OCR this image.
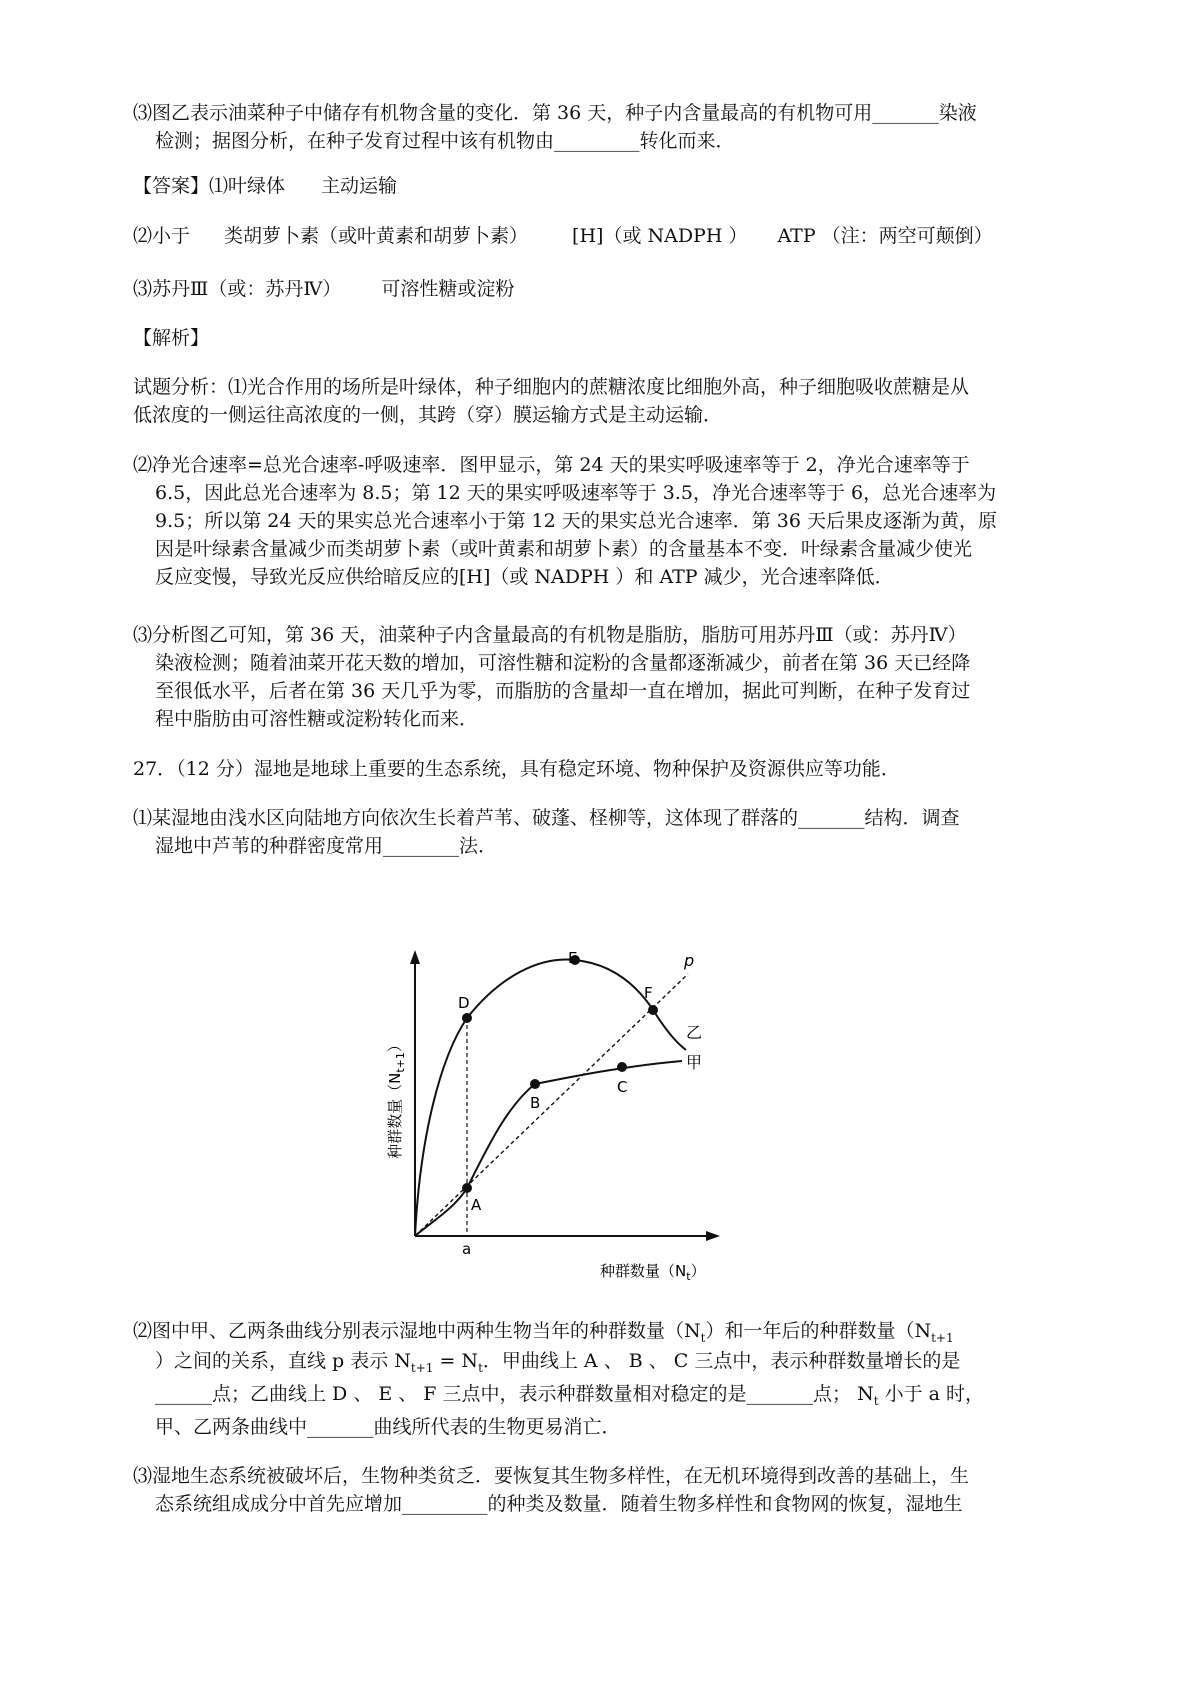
⑶图乙表示油菜种子中储存有机物含量的变化．第 36 天，种子内含量最高的有机物可用_______染液
检测；据图分析，在种子发育过程中该有机物由_________转化而来．
【答案】⑴叶绿体 主动运输
⑵小于 类胡萝卜素（或叶黄素和胡萝卜素） [H]（或 NADPH ） ATP （注：两空可颠倒）
⑶苏丹Ⅲ（或：苏丹Ⅳ） 可溶性糖或淀粉
【解析】
试题分析：⑴光合作用的场所是叶绿体，种子细胞内的蔗糖浓度比细胞外高，种子细胞吸收蔗糖是从
低浓度的一侧运往高浓度的一侧，其跨（穿）膜运输方式是主动运输．
⑵净光合速率=总光合速率-呼吸速率．图甲显示，第 24 天的果实呼吸速率等于 2，净光合速率等于
6.5，因此总光合速率为 8.5；第 12 天的果实呼吸速率等于 3.5，净光合速率等于 6，总光合速率为
9.5；所以第 24 天的果实总光合速率小于第 12 天的果实总光合速率．第 36 天后果皮逐渐为黄，原
因是叶绿素含量减少而类胡萝卜素（或叶黄素和胡萝卜素）的含量基本不变．叶绿素含量减少使光
反应变慢，导致光反应供给暗反应的[H]（或 NADPH ）和 ATP 减少，光合速率降低．
⑶分析图乙可知，第 36 天，油菜种子内含量最高的有机物是脂肪，脂肪可用苏丹Ⅲ（或：苏丹Ⅳ）
染液检测；随着油菜开花天数的增加，可溶性糖和淀粉的含量都逐渐减少，前者在第 36 天已经降
至很低水平，后者在第 36 天几乎为零，而脂肪的含量却一直在增加，据此可判断，在种子发育过
程中脂肪由可溶性糖或淀粉转化而来．
27．（12 分）湿地是地球上重要的生态系统，具有稳定环境、物种保护及资源供应等功能．
⑴某湿地由浅水区向陆地方向依次生长着芦苇、破蓬、柽柳等，这体现了群落的_______结构．调查
湿地中芦苇的种群密度常用________法．
A
B
C
D
E
F
p
乙
甲
a
种群数量$(N_t)$
种群数量$(N_{t+1})$
⑵图中甲、乙两条曲线分别表示湿地中两种生物当年的种群数量$(N_t)$和一年后的种群数量（$N_{t+1}$
）之间的关系，直线 p 表示 $N_{t+1} = N_t$．甲曲线上 A 、 B 、 C 三点中，表示种群数量增长的是
______点；乙曲线上 D 、 E 、 F 三点中，表示种群数量相对稳定的是_______点； $N_t$ 小于 a 时，
甲、乙两条曲线中_______曲线所代表的生物更易消亡．
⑶湿地生态系统被破坏后，生物种类贫乏．要恢复其生物多样性，在无机环境得到改善的基础上，生
态系统组成成分中首先应增加_________的种类及数量．随着生物多样性和食物网的恢复，湿地生
